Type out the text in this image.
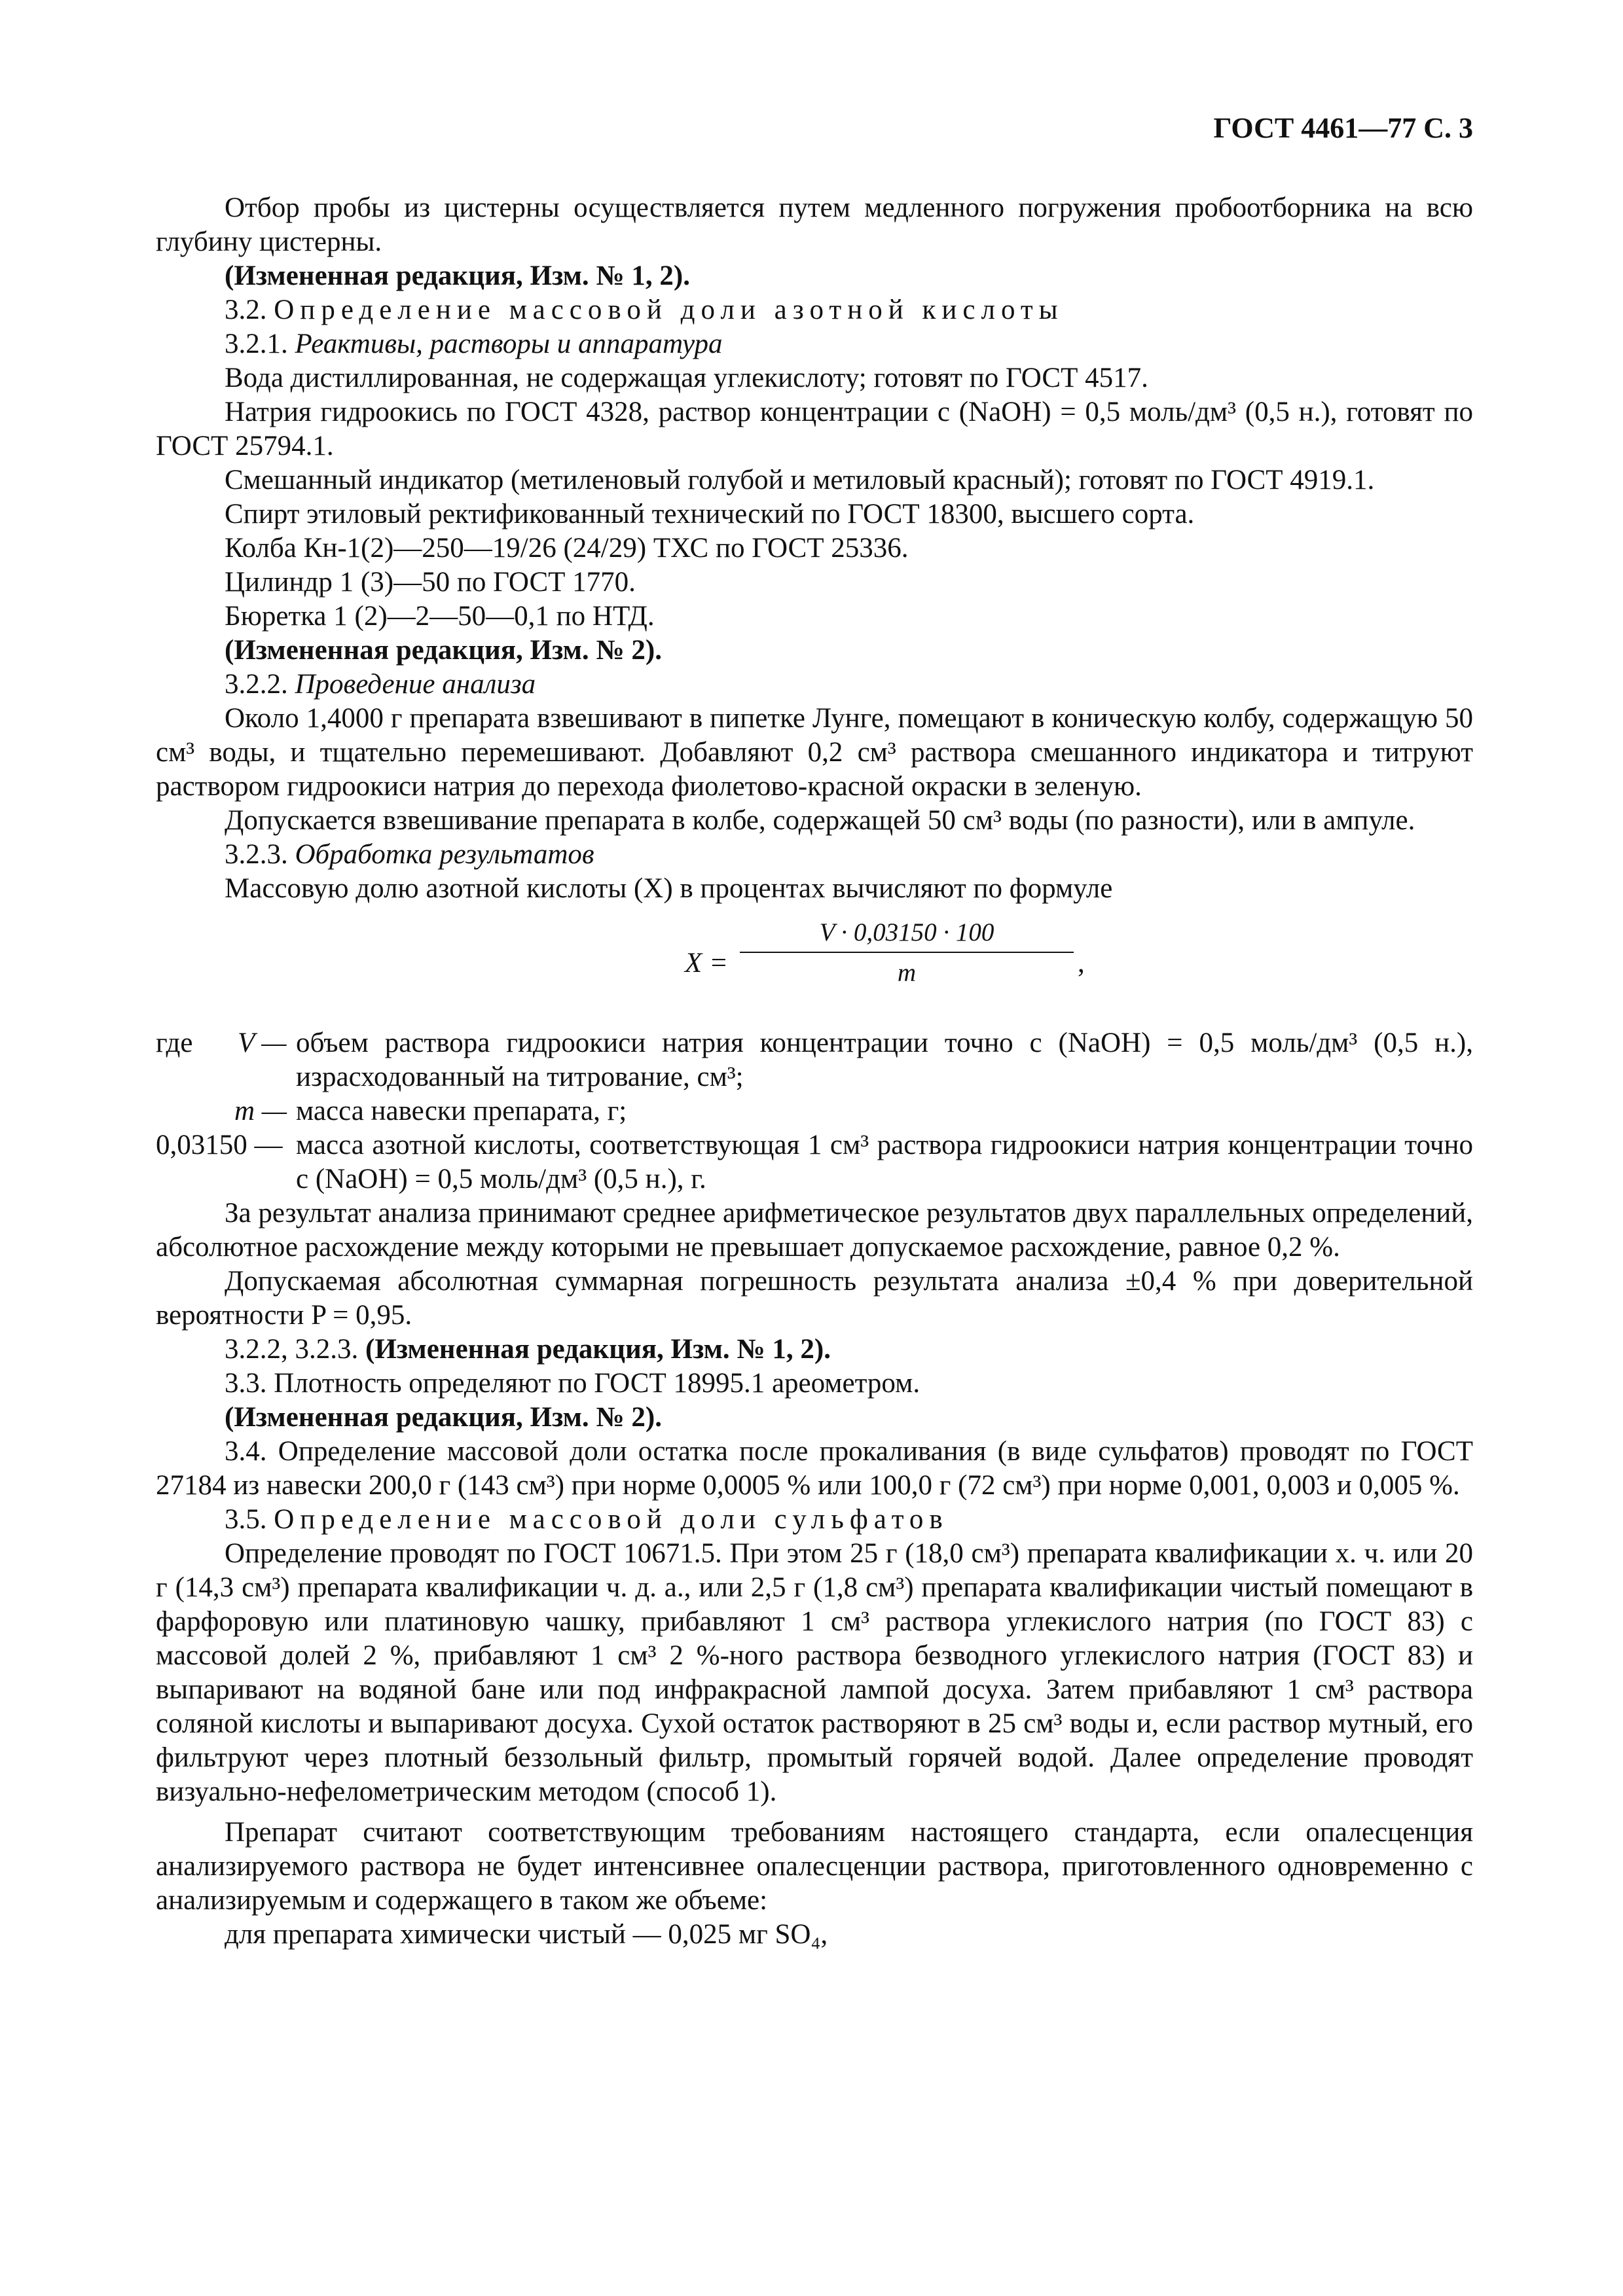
ГОСТ 4461—77 С. 3

Отбор пробы из цистерны осуществляется путем медленного погружения пробоотборника на всю глубину цистерны.

(Измененная редакция, Изм. № 1, 2).

3.2. Определение массовой доли азотной кислоты

3.2.1. Реактивы, растворы и аппаратура

Вода дистиллированная, не содержащая углекислоту; готовят по ГОСТ 4517.

Натрия гидроокись по ГОСТ 4328, раствор концентрации с (NaOH) = 0,5 моль/дм³ (0,5 н.), готовят по ГОСТ 25794.1.

Смешанный индикатор (метиленовый голубой и метиловый красный); готовят по ГОСТ 4919.1.

Спирт этиловый ректификованный технический по ГОСТ 18300, высшего сорта.

Колба Кн-1(2)—250—19/26 (24/29) ТХС по ГОСТ 25336.

Цилиндр 1 (3)—50 по ГОСТ 1770.

Бюретка 1 (2)—2—50—0,1 по НТД.

(Измененная редакция, Изм. № 2).

3.2.2. Проведение анализа

Около 1,4000 г препарата взвешивают в пипетке Лунге, помещают в коническую колбу, содержащую 50 см³ воды, и тщательно перемешивают. Добавляют 0,2 см³ раствора смешанного индикатора и титруют раствором гидроокиси натрия до перехода фиолетово-красной окраски в зеленую.

Допускается взвешивание препарата в колбе, содержащей 50 см³ воды (по разности), или в ампуле.

3.2.3. Обработка результатов

Массовую долю азотной кислоты (X) в процентах вычисляют по формуле

X =
V · 0,03150 · 100
m	,
где V — объем раствора гидроокиси натрия концентрации точно с (NaOH) = 0,5 моль/дм³ (0,5 н.), израсходованный на титрование, см³;

m — масса навески препарата, г;

0,03150 — масса азотной кислоты, соответствующая 1 см³ раствора гидроокиси натрия концентрации точно с (NaOH) = 0,5 моль/дм³ (0,5 н.), г.

За результат анализа принимают среднее арифметическое результатов двух параллельных определений, абсолютное расхождение между которыми не превышает допускаемое расхождение, равное 0,2 %.

Допускаемая абсолютная суммарная погрешность результата анализа ±0,4 % при доверительной вероятности P = 0,95.

3.2.2, 3.2.3. (Измененная редакция, Изм. № 1, 2).

3.3. Плотность определяют по ГОСТ 18995.1 ареометром.

(Измененная редакция, Изм. № 2).

3.4. Определение массовой доли остатка после прокаливания (в виде сульфатов) проводят по ГОСТ 27184 из навески 200,0 г (143 см³) при норме 0,0005 % или 100,0 г (72 см³) при норме 0,001, 0,003 и 0,005 %.

3.5. Определение массовой доли сульфатов

Определение проводят по ГОСТ 10671.5. При этом 25 г (18,0 см³) препарата квалификации х. ч. или 20 г (14,3 см³) препарата квалификации ч. д. а., или 2,5 г (1,8 см³) препарата квалификации чистый помещают в фарфоровую или платиновую чашку, прибавляют 1 см³ раствора углекислого натрия (по ГОСТ 83) с массовой долей 2 %, прибавляют 1 см³ 2 %-ного раствора безводного углекислого натрия (ГОСТ 83) и выпаривают на водяной бане или под инфракрасной лампой досуха. Затем прибавляют 1 см³ раствора соляной кислоты и выпаривают досуха. Сухой остаток растворяют в 25 см³ воды и, если раствор мутный, его фильтруют через плотный беззольный фильтр, промытый горячей водой. Далее определение проводят визуально-нефелометрическим методом (способ 1).

Препарат считают соответствующим требованиям настоящего стандарта, если опалесценция анализируемого раствора не будет интенсивнее опалесценции раствора, приготовленного одновременно с анализируемым и содержащего в таком же объеме:

для препарата химически чистый — 0,025 мг SO₄,
